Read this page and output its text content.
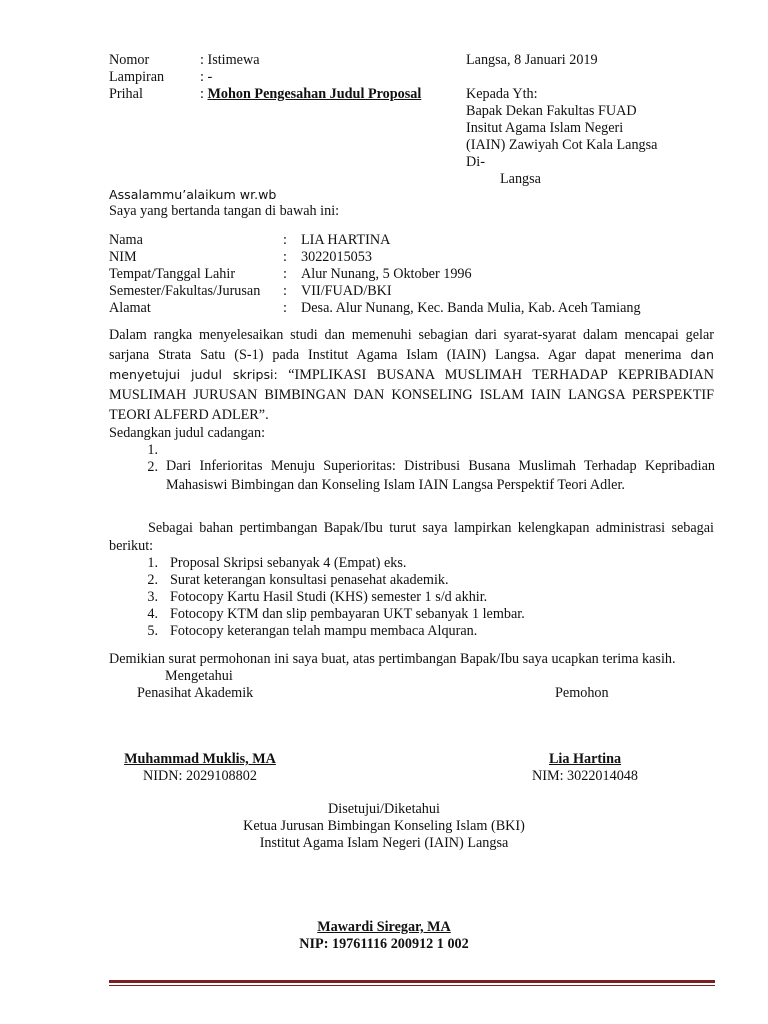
Nomor	: Istimewa
Lampiran	: -
Prihal	: Mohon Pengesahan Judul Proposal
Langsa, 8 Januari 2019
Kepada Yth:
Bapak Dekan Fakultas FUAD
Insitut Agama Islam Negeri
(IAIN) Zawiyah Cot Kala Langsa
Di-
Langsa
Assalammu’alaikum wr.wb
Saya yang bertanda tangan di bawah ini:
Nama	: LIA HARTINA
NIM	: 3022015053
Tempat/Tanggal Lahir	: Alur Nunang, 5 Oktober 1996
Semester/Fakultas/Jurusan : VII/FUAD/BKI
Alamat	: Desa. Alur Nunang, Kec. Banda Mulia, Kab. Aceh Tamiang
Dalam rangka menyelesaikan studi dan memenuhi sebagian dari syarat-syarat dalam mencapai gelar sarjana Strata Satu (S-1) pada Institut Agama Islam (IAIN) Langsa. Agar dapat menerima dan menyetujui judul skripsi: “IMPLIKASI BUSANA MUSLIMAH TERHADAP KEPRIBADIAN MUSLIMAH JURUSAN BIMBINGAN DAN KONSELING ISLAM IAIN LANGSA PERSPEKTIF TEORI ALFERD ADLER”.
Sedangkan judul cadangan:
1.
2. Dari Inferioritas Menuju Superioritas: Distribusi Busana Muslimah Terhadap Kepribadian Mahasiswi Bimbingan dan Konseling Islam IAIN Langsa Perspektif Teori Adler.
Sebagai bahan pertimbangan Bapak/Ibu turut saya lampirkan kelengkapan administrasi sebagai berikut:
1. Proposal Skripsi sebanyak 4 (Empat) eks.
2. Surat keterangan konsultasi penasehat akademik.
3. Fotocopy Kartu Hasil Studi (KHS) semester 1 s/d akhir.
4. Fotocopy KTM dan slip pembayaran UKT sebanyak 1 lembar.
5. Fotocopy keterangan telah mampu membaca Alquran.
Demikian surat permohonan ini saya buat, atas pertimbangan Bapak/Ibu saya ucapkan terima kasih.
Mengetahui
Penasihat Akademik	Pemohon
Muhammad Muklis, MA
NIDN: 2029108802
Lia Hartina
NIM: 3022014048
Disetujui/Diketahui
Ketua Jurusan Bimbingan Konseling Islam (BKI)
Institut Agama Islam Negeri (IAIN) Langsa
Mawardi Siregar, MA
NIP: 19761116 200912 1 002
